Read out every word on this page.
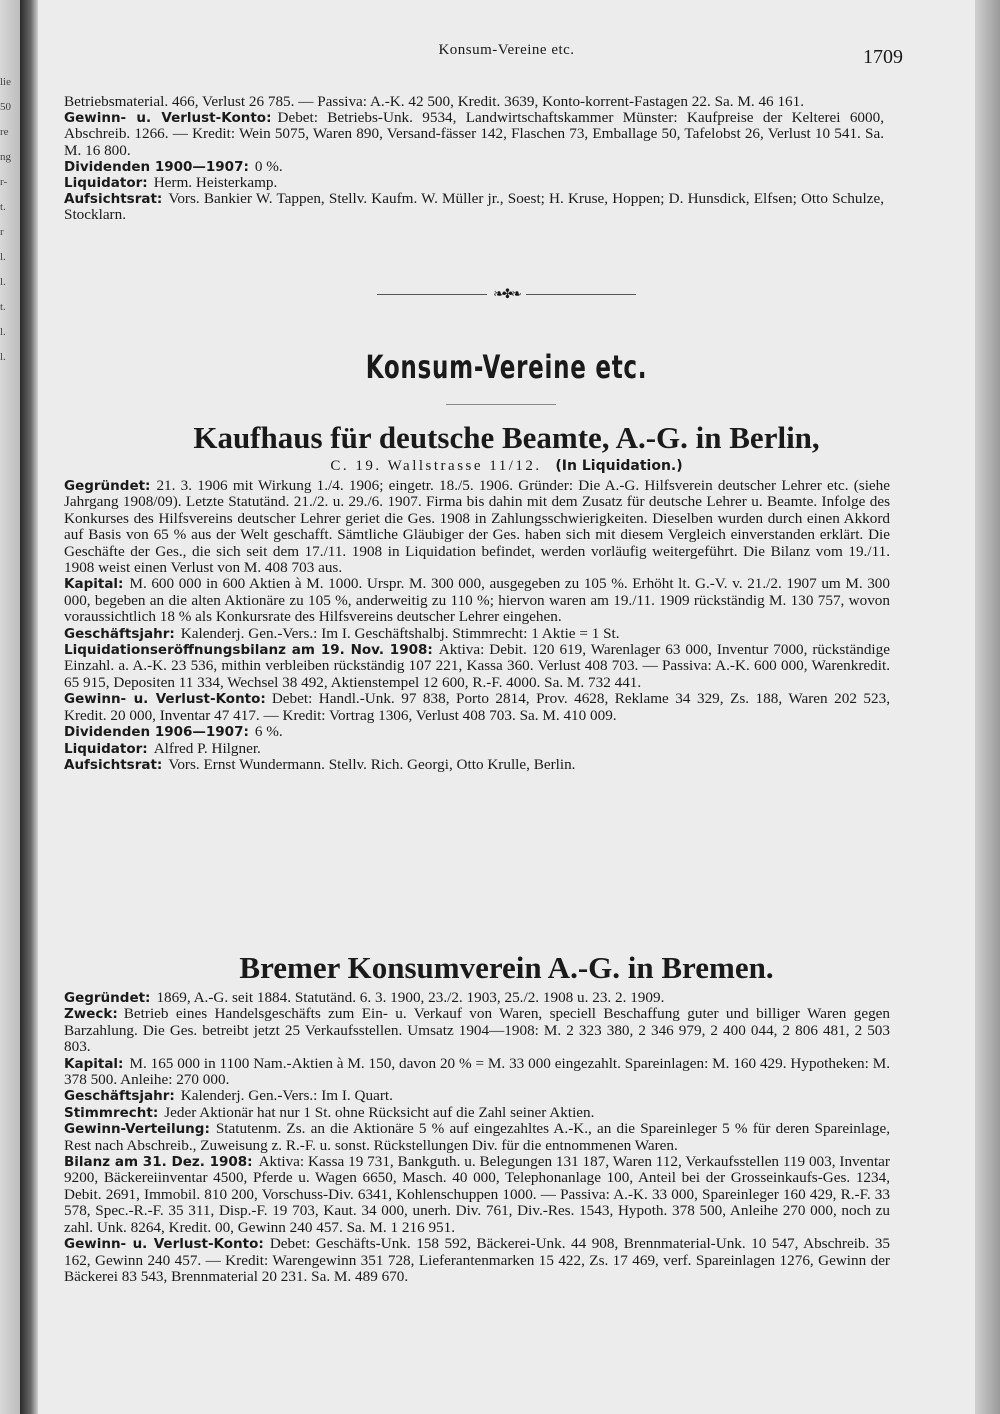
lie
50
re
ng
r-
t.
r
l.
l.
t.
l.
l.
Konsum-Vereine etc.	1709

Betriebsmaterial. 466, Verlust 26 785. — Passiva: A.-K. 42 500, Kredit. 3639, Konto-korrent-Fastagen 22. Sa. M. 46 161.

Gewinn- u. Verlust-Konto: Debet: Betriebs-Unk. 9534, Landwirtschaftskammer Münster: Kaufpreise der Kelterei 6000, Abschreib. 1266. — Kredit: Wein 5075, Waren 890, Versand-fässer 142, Flaschen 73, Emballage 50, Tafelobst 26, Verlust 10 541. Sa. M. 16 800.

Dividenden 1900—1907: 0 %.

Liquidator: Herm. Heisterkamp.

Aufsichtsrat: Vors. Bankier W. Tappen, Stellv. Kaufm. W. Müller jr., Soest; H. Kruse, Hoppen; D. Hunsdick, Elfsen; Otto Schulze, Stocklarn.

❧✤❧
Konsum-Vereine etc.
Kaufhaus für deutsche Beamte, A.-G. in Berlin,
C. 19. Wallstrasse 11/12. (In Liquidation.)

Gegründet: 21. 3. 1906 mit Wirkung 1./4. 1906; eingetr. 18./5. 1906. Gründer: Die A.-G. Hilfsverein deutscher Lehrer etc. (siehe Jahrgang 1908/09). Letzte Statutänd. 21./2. u. 29./6. 1907. Firma bis dahin mit dem Zusatz für deutsche Lehrer u. Beamte. Infolge des Konkurses des Hilfsvereins deutscher Lehrer geriet die Ges. 1908 in Zahlungsschwierigkeiten. Dieselben wurden durch einen Akkord auf Basis von 65 % aus der Welt geschafft. Sämtliche Gläubiger der Ges. haben sich mit diesem Vergleich einverstanden erklärt. Die Geschäfte der Ges., die sich seit dem 17./11. 1908 in Liquidation befindet, werden vorläufig weitergeführt. Die Bilanz vom 19./11. 1908 weist einen Verlust von M. 408 703 aus.

Kapital: M. 600 000 in 600 Aktien à M. 1000. Urspr. M. 300 000, ausgegeben zu 105 %. Erhöht lt. G.-V. v. 21./2. 1907 um M. 300 000, begeben an die alten Aktionäre zu 105 %, anderweitig zu 110 %; hiervon waren am 19./11. 1909 rückständig M. 130 757, wovon voraussichtlich 18 % als Konkursrate des Hilfsvereins deutscher Lehrer eingehen.

Geschäftsjahr: Kalenderj. Gen.-Vers.: Im I. Geschäftshalbj. Stimmrecht: 1 Aktie = 1 St.

Liquidationseröffnungsbilanz am 19. Nov. 1908: Aktiva: Debit. 120 619, Warenlager 63 000, Inventur 7000, rückständige Einzahl. a. A.-K. 23 536, mithin verbleiben rückständig 107 221, Kassa 360. Verlust 408 703. — Passiva: A.-K. 600 000, Warenkredit. 65 915, Depositen 11 334, Wechsel 38 492, Aktienstempel 12 600, R.-F. 4000. Sa. M. 732 441.

Gewinn- u. Verlust-Konto: Debet: Handl.-Unk. 97 838, Porto 2814, Prov. 4628, Reklame 34 329, Zs. 188, Waren 202 523, Kredit. 20 000, Inventar 47 417. — Kredit: Vortrag 1306, Verlust 408 703. Sa. M. 410 009.

Dividenden 1906—1907: 6 %.

Liquidator: Alfred P. Hilgner.

Aufsichtsrat: Vors. Ernst Wundermann. Stellv. Rich. Georgi, Otto Krulle, Berlin.

Bremer Konsumverein A.-G. in Bremen.

Gegründet: 1869, A.-G. seit 1884. Statutänd. 6. 3. 1900, 23./2. 1903, 25./2. 1908 u. 23. 2. 1909.

Zweck: Betrieb eines Handelsgeschäfts zum Ein- u. Verkauf von Waren, speciell Beschaffung guter und billiger Waren gegen Barzahlung. Die Ges. betreibt jetzt 25 Verkaufsstellen. Umsatz 1904—1908: M. 2 323 380, 2 346 979, 2 400 044, 2 806 481, 2 503 803.

Kapital: M. 165 000 in 1100 Nam.-Aktien à M. 150, davon 20 % = M. 33 000 eingezahlt. Spareinlagen: M. 160 429. Hypotheken: M. 378 500. Anleihe: 270 000.

Geschäftsjahr: Kalenderj. Gen.-Vers.: Im I. Quart.

Stimmrecht: Jeder Aktionär hat nur 1 St. ohne Rücksicht auf die Zahl seiner Aktien.

Gewinn-Verteilung: Statutenm. Zs. an die Aktionäre 5 % auf eingezahltes A.-K., an die Spareinleger 5 % für deren Spareinlage, Rest nach Abschreib., Zuweisung z. R.-F. u. sonst. Rückstellungen Div. für die entnommenen Waren.

Bilanz am 31. Dez. 1908: Aktiva: Kassa 19 731, Bankguth. u. Belegungen 131 187, Waren 112, Verkaufsstellen 119 003, Inventar 9200, Bäckereiinventar 4500, Pferde u. Wagen 6650, Masch. 40 000, Telephonanlage 100, Anteil bei der Grosseinkaufs-Ges. 1234, Debit. 2691, Immobil. 810 200, Vorschuss-Div. 6341, Kohlenschuppen 1000. — Passiva: A.-K. 33 000, Spareinleger 160 429, R.-F. 33 578, Spec.-R.-F. 35 311, Disp.-F. 19 703, Kaut. 34 000, unerh. Div. 761, Div.-Res. 1543, Hypoth. 378 500, Anleihe 270 000, noch zu zahl. Unk. 8264, Kredit. 00, Gewinn 240 457. Sa. M. 1 216 951.

Gewinn- u. Verlust-Konto: Debet: Geschäfts-Unk. 158 592, Bäckerei-Unk. 44 908, Brennmaterial-Unk. 10 547, Abschreib. 35 162, Gewinn 240 457. — Kredit: Warengewinn 351 728, Lieferantenmarken 15 422, Zs. 17 469, verf. Spareinlagen 1276, Gewinn der Bäckerei 83 543, Brennmaterial 20 231. Sa. M. 489 670.
